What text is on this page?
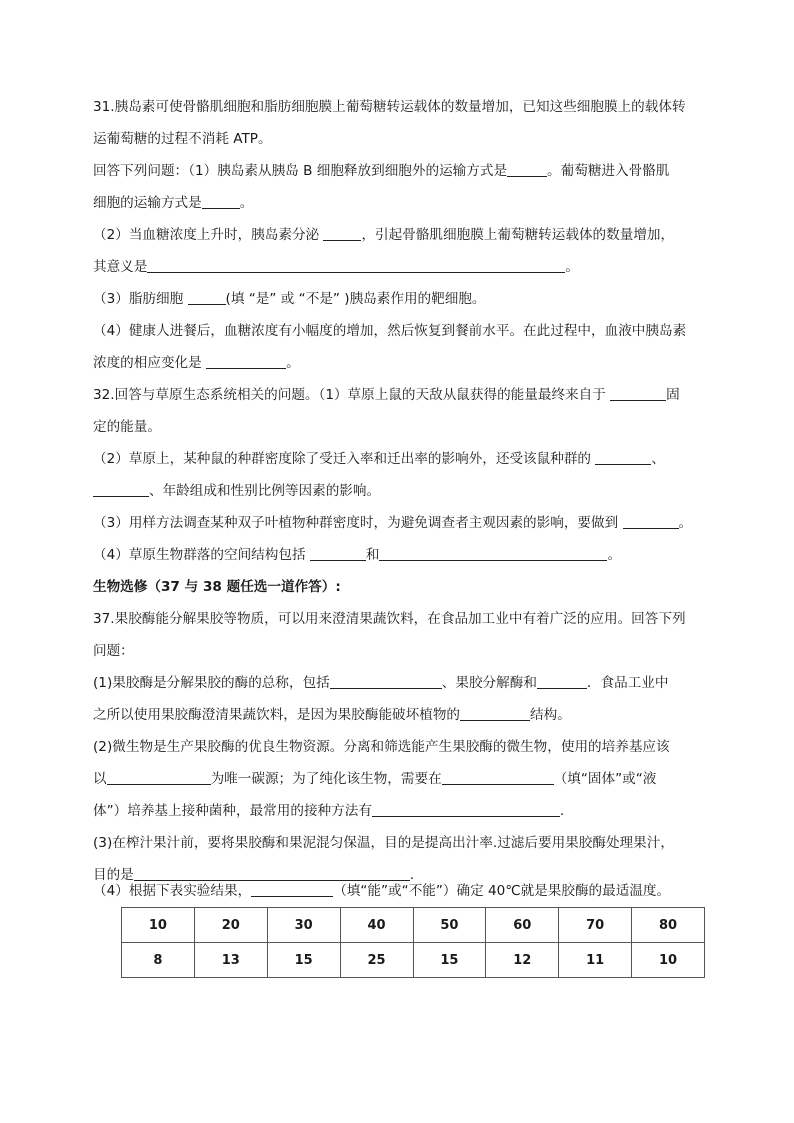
31.胰岛素可使骨骼肌细胞和脂肪细胞膜上葡萄糖转运载体的数量增加，已知这些细胞膜上的载体转
运葡萄糖的过程不消耗 ATP。
回答下列问题：（1）胰岛素从胰岛 B 细胞释放到细胞外的运输方式是	。葡萄糖进入骨骼肌
细胞的运输方式是	。
（2）当血糖浓度上升时，胰岛素分泌	，引起骨骼肌细胞膜上葡萄糖转运载体的数量增加，
其意义是	。
（3）脂肪细胞	(填 “是” 或 “不是” )胰岛素作用的靶细胞。
（4）健康人进餐后，血糖浓度有小幅度的增加，然后恢复到餐前水平。在此过程中，血液中胰岛素
浓度的相应变化是	。
32.回答与草原生态系统相关的问题。（1）草原上鼠的天敌从鼠获得的能量最终来自于	固
定的能量。
（2）草原上，某种鼠的种群密度除了受迁入率和迁出率的影响外，还受该鼠种群的	、
、年龄组成和性别比例等因素的影响。
（3）用样方法调查某种双子叶植物种群密度时，为避免调查者主观因素的影响，要做到	。
（4）草原生物群落的空间结构包括	和	。
生物选修（37 与 38 题任选一道作答）:
37.果胶酶能分解果胶等物质，可以用来澄清果蔬饮料，在食品加工业中有着广泛的应用。回答下列
问题：
(1)果胶酶是分解果胶的酶的总称，包括	、果胶分解酶和	．食品工业中
之所以使用果胶酶澄清果蔬饮料，是因为果胶酶能破坏植物的	结构。
(2)微生物是生产果胶酶的优良生物资源。分离和筛选能产生果胶酶的微生物，使用的培养基应该
以	为唯一碳源；为了纯化该生物，需要在	（填“固体”或“液
体”）培养基上接种菌种，最常用的接种方法有	.
(3)在榨汁果汁前，要将果胶酶和果泥混匀保温，目的是提高出汁率.过滤后要用果胶酶处理果汁，
目的是	.
10	20	30	40	50	60	70	80
8	13	15	25	15	12	11	10
（4）根据下表实验结果，	（填“能”或“不能”）确定 40℃就是果胶酶的最适温度。
